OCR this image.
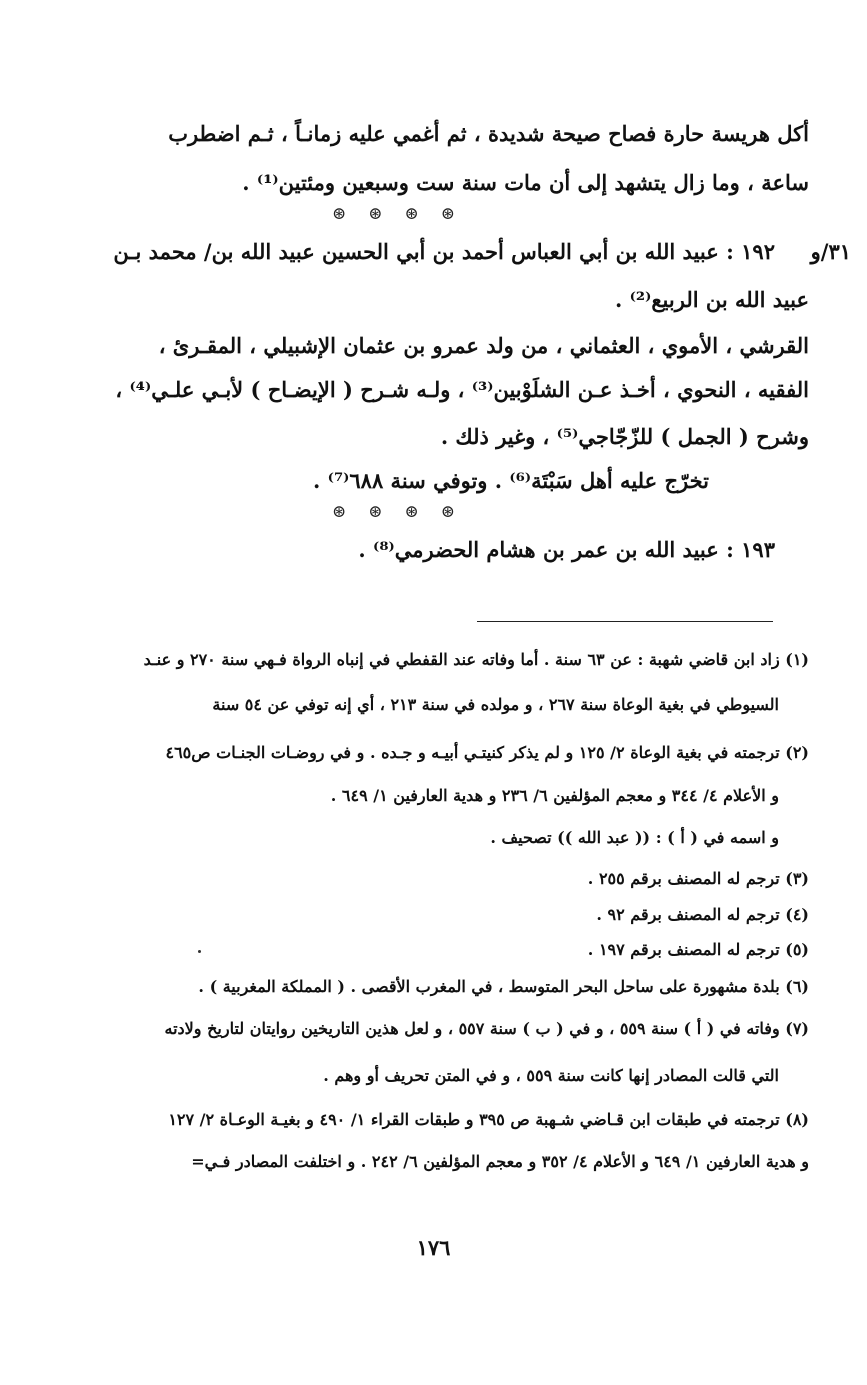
أكل هريسة حارة فصاح صيحة شديدة ، ثم أغمي عليه زمانـاً ، ثـم اضطرب
ساعة ، وما زال يتشهد إلى أن مات سنة ست وسبعين ومئتين⁽¹⁾ .
⊛⊛⊛⊛
٣١/و
١٩٢ : عبيد الله بن أبي العباس أحمد بن أبي الحسين عبيد الله بن/ محمد بـن
عبيد الله بن الربيع⁽²⁾ .
القرشي ، الأموي ، العثماني ، من ولد عمرو بن عثمان الإشبيلي ، المقـرئ ،
الفقيه ، النحوي ، أخـذ عـن الشلَوْبين⁽³⁾ ، ولـه شـرح ( الإيضـاح ) لأبـي علـي⁽⁴⁾ ،
وشرح ( الجمل ) للزّجّاجي⁽⁵⁾ ، وغير ذلك .
تخرّج عليه أهل سَبْتَة⁽⁶⁾ . وتوفي سنة ٦٨٨⁽⁷⁾ .
⊛⊛⊛⊛
١٩٣ : عبيد الله بن عمر بن هشام الحضرمي⁽⁸⁾ .
(١) زاد ابن قاضي شهبة : عن ٦٣ سنة . أما وفاته عند القفطي في إنباه الرواة فـهي سنة ٢٧٠ و عنـد
السيوطي في بغية الوعاة سنة ٢٦٧ ، و مولده في سنة ٢١٣ ، أي إنه توفي عن ٥٤ سنة
(٢) ترجمته في بغية الوعاة ٢/ ١٢٥ و لم يذكر كنيتـي أبيـه و جـده . و في روضـات الجنـات ص٤٦٥
و الأعلام ٤/ ٣٤٤ و معجم المؤلفين ٦/ ٢٣٦ و هدية العارفين ١/ ٦٤٩ .
و اسمه في ( أ ) : (( عبد الله )) تصحيف .
(٣) ترجم له المصنف برقم ٢٥٥ .
(٤) ترجم له المصنف برقم ٩٢ .
(٥) ترجم له المصنف برقم ١٩٧ .
(٦) بلدة مشهورة على ساحل البحر المتوسط ، في المغرب الأقصى . ( المملكة المغربية ) .
(٧) وفاته في ( أ ) سنة ٥٥٩ ، و في ( ب ) سنة ٥٥٧ ، و لعل هذين التاريخين روايتان لتاريخ ولادته
التي قالت المصادر إنها كانت سنة ٥٥٩ ، و في المتن تحريف أو وهم .
(٨) ترجمته في طبقات ابن قـاضي شـهبة ص ٣٩٥ و طبقات القراء ١/ ٤٩٠ و بغيـة الوعـاة ٢/ ١٢٧
و هدية العارفين ١/ ٦٤٩ و الأعلام ٤/ ٣٥٢ و معجم المؤلفين ٦/ ٢٤٢ . و اختلفت المصادر فـي=
١٧٦
